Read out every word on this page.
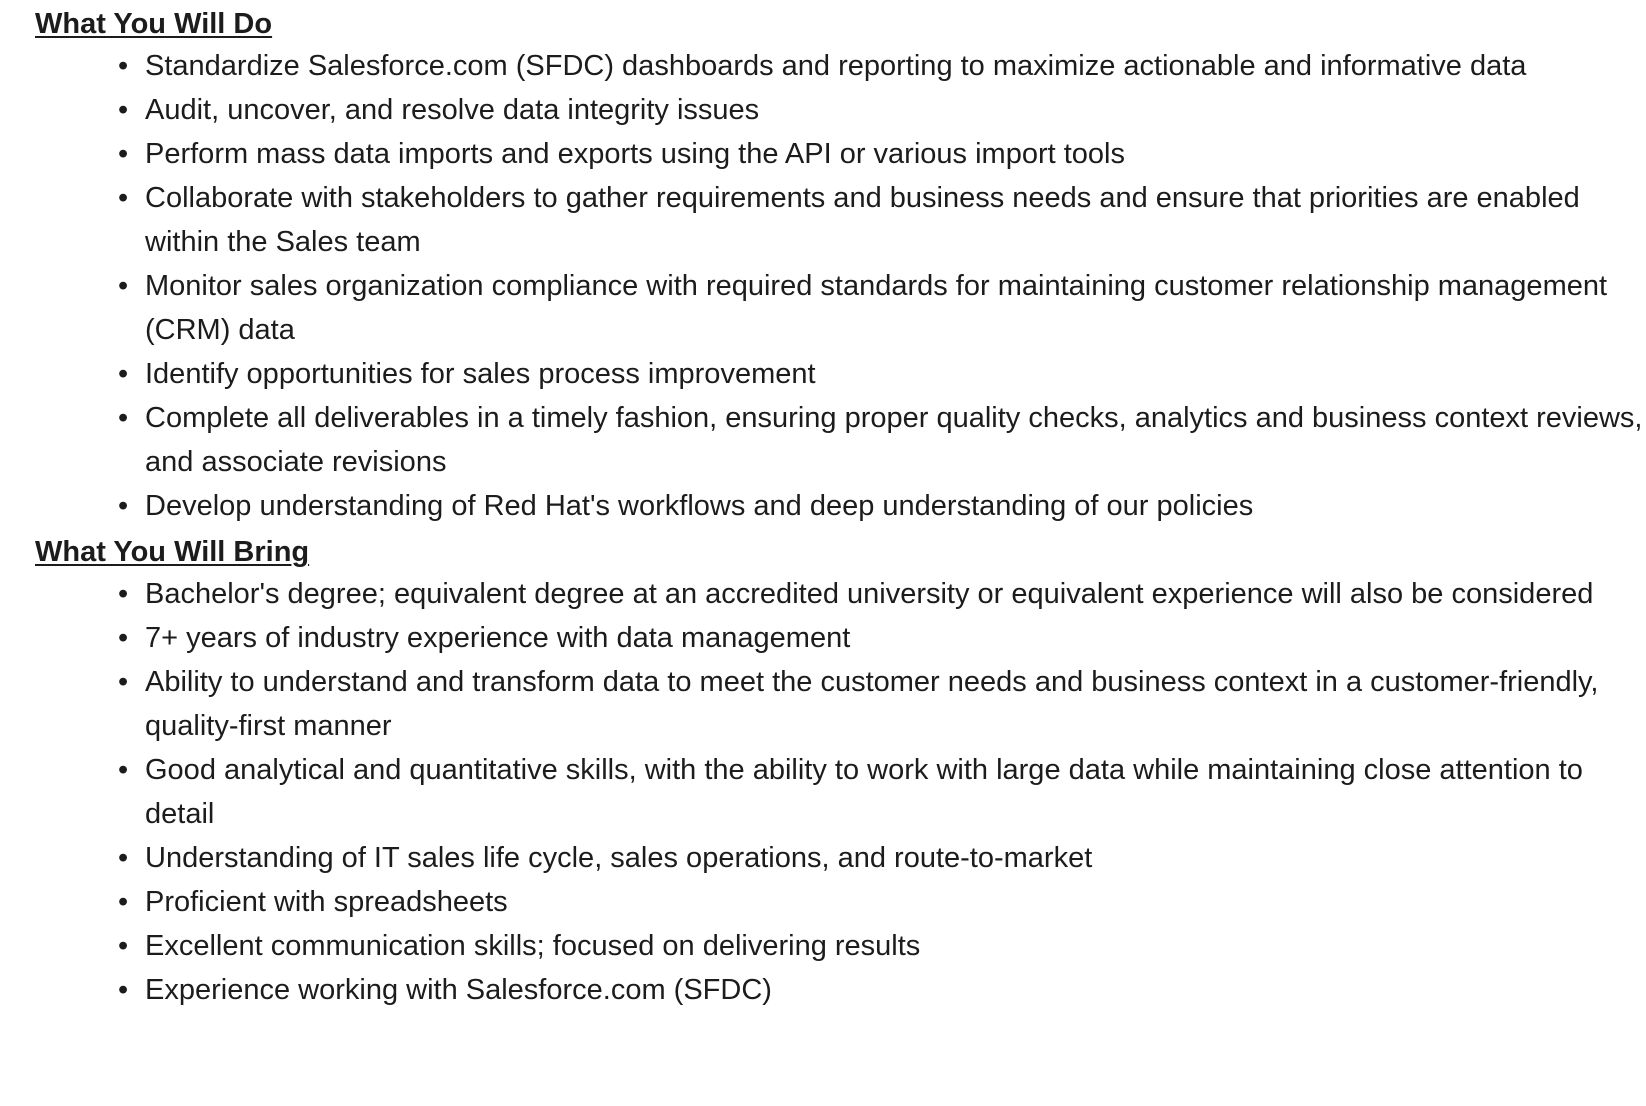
What You Will Do
• Standardize Salesforce.com (SFDC) dashboards and reporting to maximize actionable and informative data
• Audit, uncover, and resolve data integrity issues
• Perform mass data imports and exports using the API or various import tools
• Collaborate with stakeholders to gather requirements and business needs and ensure that priorities are enabled within the Sales team
• Monitor sales organization compliance with required standards for maintaining customer relationship management (CRM) data
• Identify opportunities for sales process improvement
• Complete all deliverables in a timely fashion, ensuring proper quality checks, analytics and business context reviews, and associate revisions
• Develop understanding of Red Hat's workflows and deep understanding of our policies
What You Will Bring
• Bachelor's degree; equivalent degree at an accredited university or equivalent experience will also be considered
• 7+ years of industry experience with data management
• Ability to understand and transform data to meet the customer needs and business context in a customer-friendly, quality-first manner
• Good analytical and quantitative skills, with the ability to work with large data while maintaining close attention to detail
• Understanding of IT sales life cycle, sales operations, and route-to-market
• Proficient with spreadsheets
• Excellent communication skills; focused on delivering results
• Experience working with Salesforce.com (SFDC)
